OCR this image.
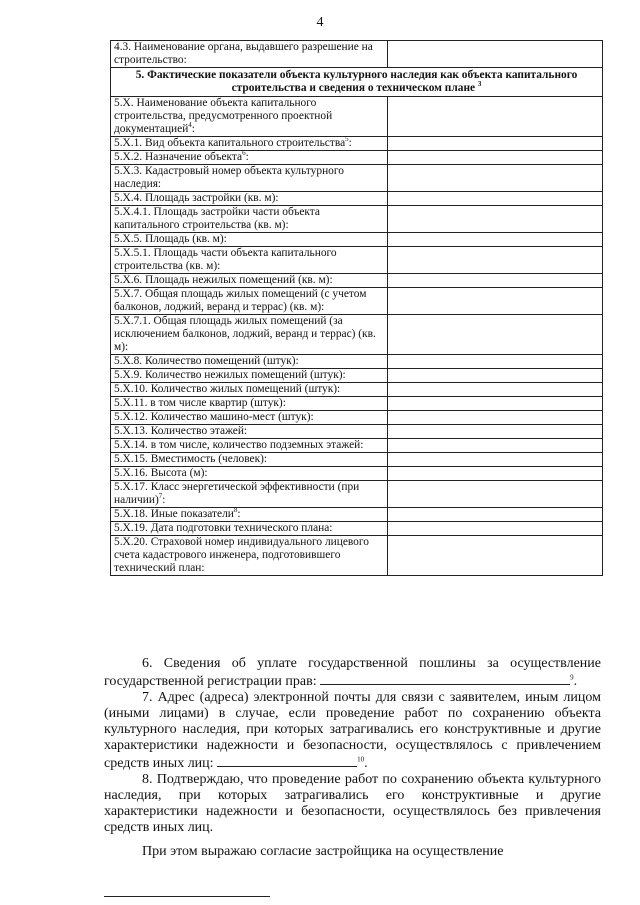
4
4.3. Наименование органа, выдавшего разрешение на строительство:	
5. Фактические показатели объекта культурного наследия как объекта капитального строительства и сведения о техническом плане $^3$
5.X. Наименование объекта капитального строительства, предусмотренного проектной документацией$^4$:	
5.X.1. Вид объекта капитального строительства$^5$:	
5.X.2. Назначение объекта$^6$:	
5.X.3. Кадастровый номер объекта культурного наследия:	
5.X.4. Площадь застройки (кв. м):	
5.X.4.1. Площадь застройки части объекта капитального строительства (кв. м):	
5.X.5. Площадь (кв. м):	
5.X.5.1. Площадь части объекта капитального строительства (кв. м):	
5.X.6. Площадь нежилых помещений (кв. м):	
5.X.7. Общая площадь жилых помещений (с учетом балконов, лоджий, веранд и террас) (кв. м):	
5.X.7.1. Общая площадь жилых помещений (за исключением балконов, лоджий, веранд и террас) (кв. м):	
5.X.8. Количество помещений (штук):	
5.X.9. Количество нежилых помещений (штук):	
5.X.10. Количество жилых помещений (штук):	
5.X.11. в том числе квартир (штук):	
5.X.12. Количество машино-мест (штук):	
5.X.13. Количество этажей:	
5.X.14. в том числе, количество подземных этажей:	
5.X.15. Вместимость (человек):	
5.X.16. Высота (м):	
5.X.17. Класс энергетической эффективности (при наличии)$^7$:	
5.X.18. Иные показатели$^8$:	
5.X.19. Дата подготовки технического плана:	
5.X.20. Страховой номер индивидуального лицевого счета кадастрового инженера, подготовившего технический план:	

6. Сведения об уплате государственной пошлины за осуществление государственной регистрации прав:	$^9$.

7. Адрес (адреса) электронной почты для связи с заявителем, иным лицом (иными лицами) в случае, если проведение работ по сохранению объекта культурного наследия, при которых затрагивались его конструктивные и другие характеристики надежности и безопасности, осуществлялось с привлечением средств иных лиц:	$^{10}$.

8. Подтверждаю, что проведение работ по сохранению объекта культурного наследия, при которых затрагивались его конструктивные и другие характеристики надежности и безопасности, осуществлялось без привлечения средств иных лиц.

При этом выражаю согласие застройщика на осуществление
